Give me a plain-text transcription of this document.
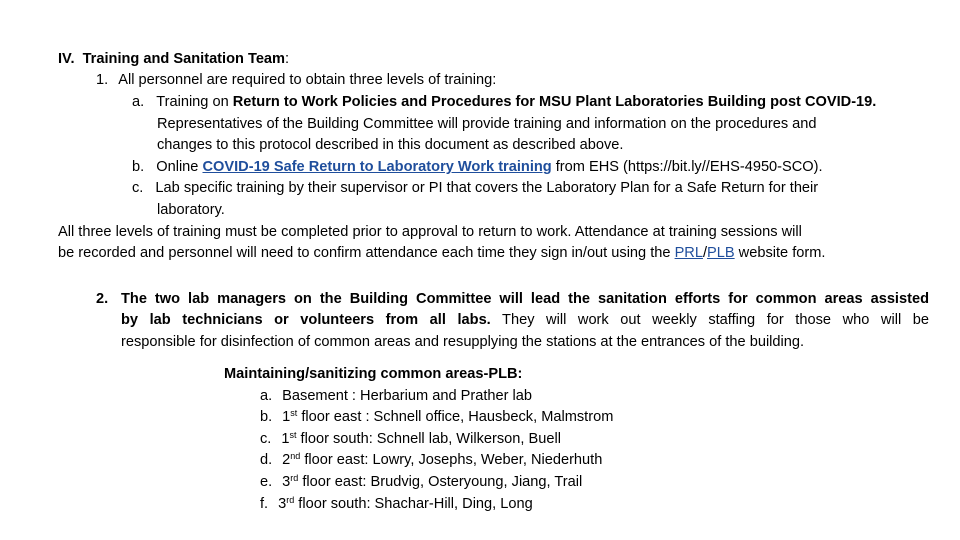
IV. Training and Sanitation Team:
1. All personnel are required to obtain three levels of training:
a. Training on Return to Work Policies and Procedures for MSU Plant Laboratories Building post COVID-19.
Representatives of the Building Committee will provide training and information on the procedures and
changes to this protocol described in this document as described above.
b. Online COVID-19 Safe Return to Laboratory Work training from EHS (https://bit.ly//EHS-4950-SCO).
c. Lab specific training by their supervisor or PI that covers the Laboratory Plan for a Safe Return for their
laboratory.
All three levels of training must be completed prior to approval to return to work. Attendance at training sessions will
be recorded and personnel will need to confirm attendance each time they sign in/out using the PRL/PLB website form.
2. The two lab managers on the Building Committee will lead the sanitation efforts for common areas assisted
by lab technicians or volunteers from all labs. They will work out weekly staffing for those who will be
responsible for disinfection of common areas and resupplying the stations at the entrances of the building.
Maintaining/sanitizing common areas-PLB:
a. Basement : Herbarium and Prather lab
b. 1st floor east : Schnell office, Hausbeck, Malmstrom
c. 1st floor south: Schnell lab, Wilkerson, Buell
d. 2nd floor east: Lowry, Josephs, Weber, Niederhuth
e. 3rd floor east: Brudvig, Osteryoung, Jiang, Trail
f. 3rd floor south: Shachar-Hill, Ding, Long
